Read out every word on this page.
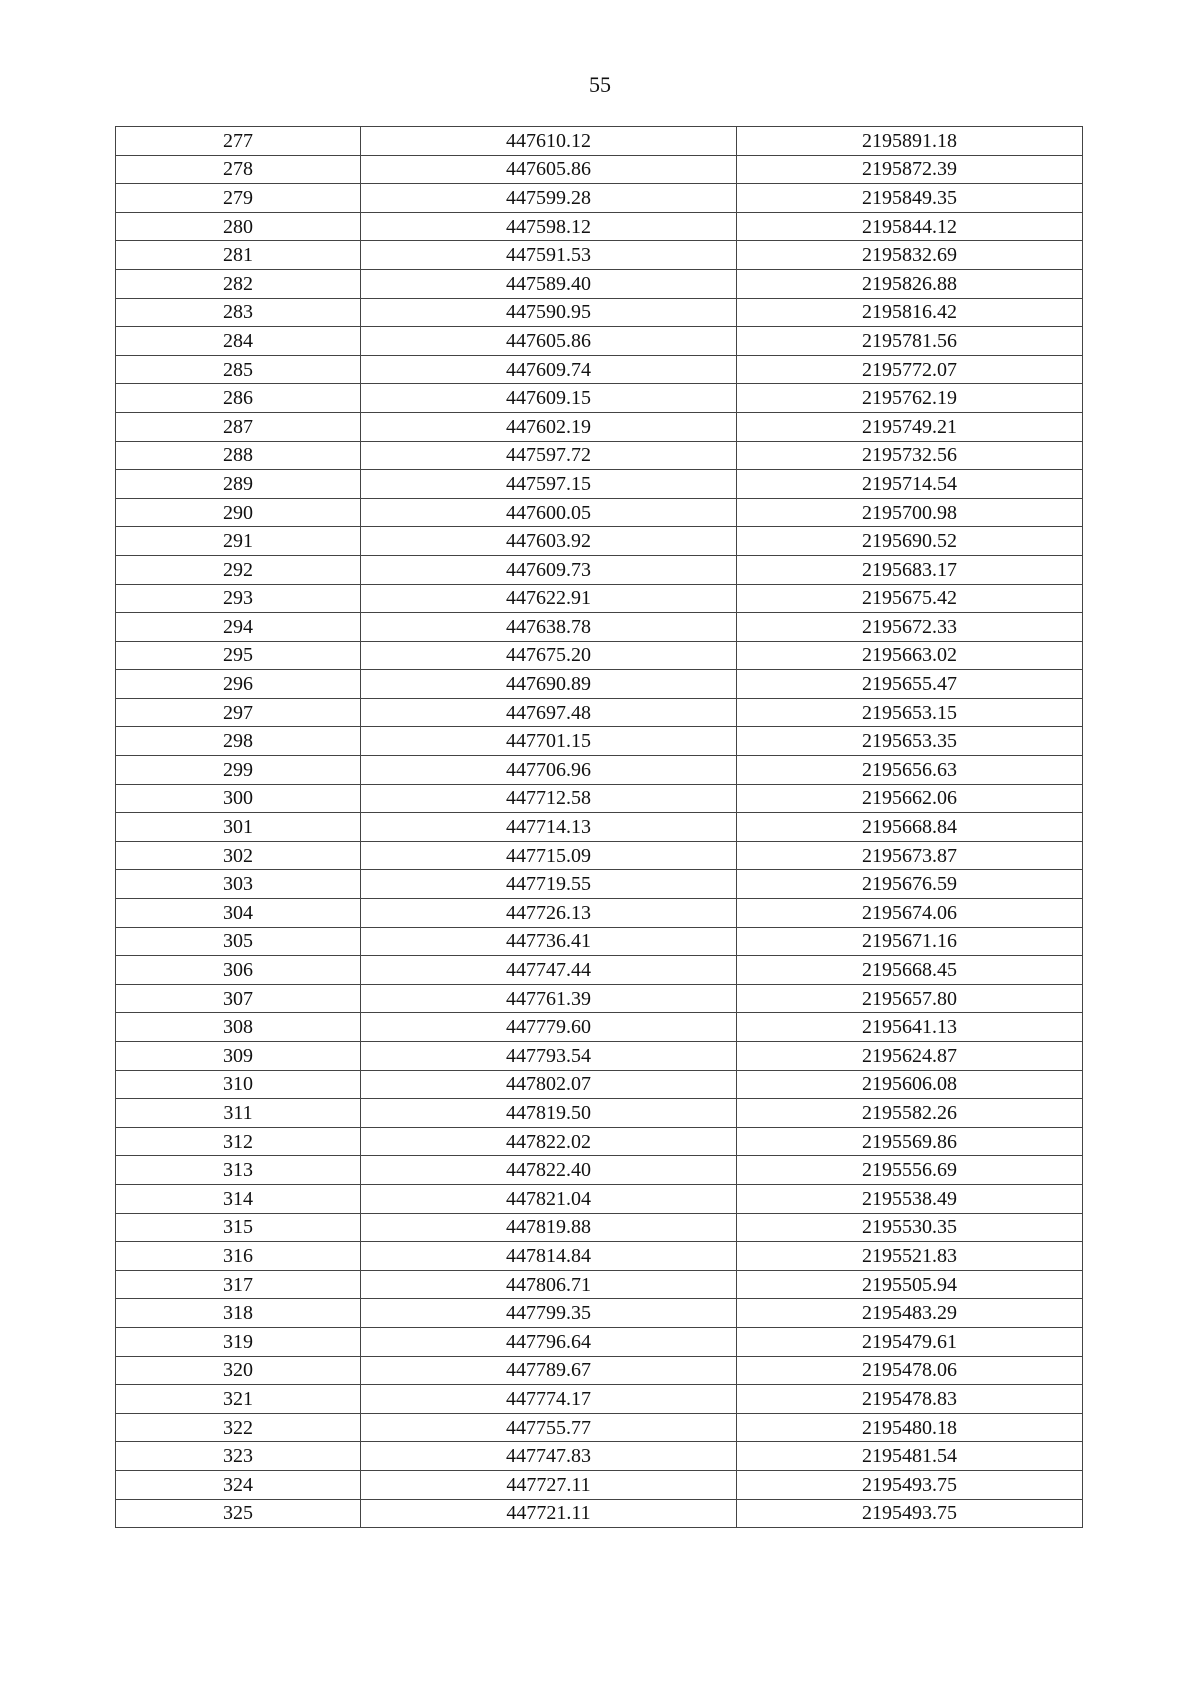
55
277	447610.12	2195891.18
278	447605.86	2195872.39
279	447599.28	2195849.35
280	447598.12	2195844.12
281	447591.53	2195832.69
282	447589.40	2195826.88
283	447590.95	2195816.42
284	447605.86	2195781.56
285	447609.74	2195772.07
286	447609.15	2195762.19
287	447602.19	2195749.21
288	447597.72	2195732.56
289	447597.15	2195714.54
290	447600.05	2195700.98
291	447603.92	2195690.52
292	447609.73	2195683.17
293	447622.91	2195675.42
294	447638.78	2195672.33
295	447675.20	2195663.02
296	447690.89	2195655.47
297	447697.48	2195653.15
298	447701.15	2195653.35
299	447706.96	2195656.63
300	447712.58	2195662.06
301	447714.13	2195668.84
302	447715.09	2195673.87
303	447719.55	2195676.59
304	447726.13	2195674.06
305	447736.41	2195671.16
306	447747.44	2195668.45
307	447761.39	2195657.80
308	447779.60	2195641.13
309	447793.54	2195624.87
310	447802.07	2195606.08
311	447819.50	2195582.26
312	447822.02	2195569.86
313	447822.40	2195556.69
314	447821.04	2195538.49
315	447819.88	2195530.35
316	447814.84	2195521.83
317	447806.71	2195505.94
318	447799.35	2195483.29
319	447796.64	2195479.61
320	447789.67	2195478.06
321	447774.17	2195478.83
322	447755.77	2195480.18
323	447747.83	2195481.54
324	447727.11	2195493.75
325	447721.11	2195493.75
